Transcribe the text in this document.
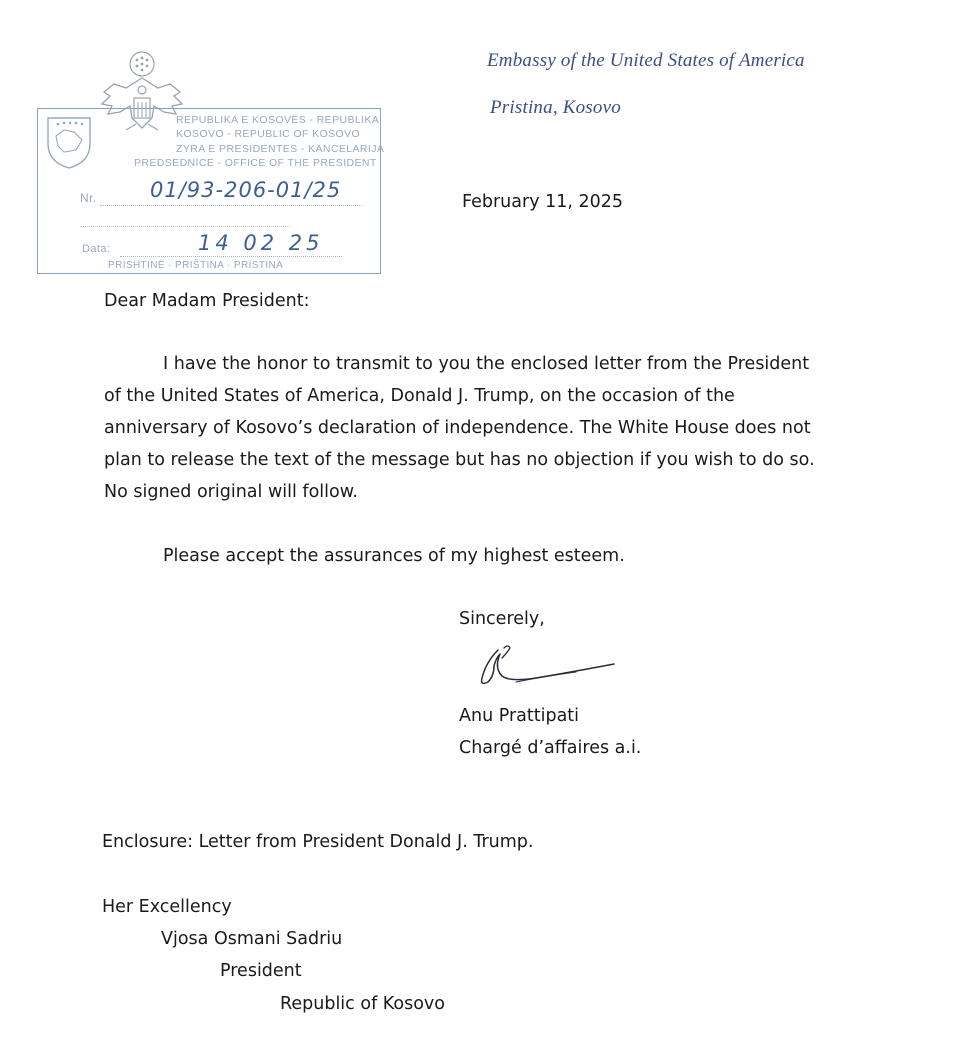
Embassy of the United States of America
Pristina, Kosovo
REPUBLIKA E KOSOVËS - REPUBLIKA
KOSOVO - REPUBLIC OF KOSOVO
ZYRA E PRESIDENTES - KANCELARIJA
PREDSEDNICE - OFFICE OF THE PRESIDENT
Nr.	01/93-206-01/25
Data:	14 02 25
PRISHTINË · PRIŠTINA · PRISTINA
February 11, 2025
Dear Madam President:
I have the honor to transmit to you the enclosed letter from the President
of the United States of America, Donald J. Trump, on the occasion of the
anniversary of Kosovo’s declaration of independence. The White House does not
plan to release the text of the message but has no objection if you wish to do so.
No signed original will follow.
Please accept the assurances of my highest esteem.
Sincerely,
Anu Prattipati
Chargé d’affaires a.i.
Enclosure: Letter from President Donald J. Trump.
Her Excellency
Vjosa Osmani Sadriu
President
Republic of Kosovo
